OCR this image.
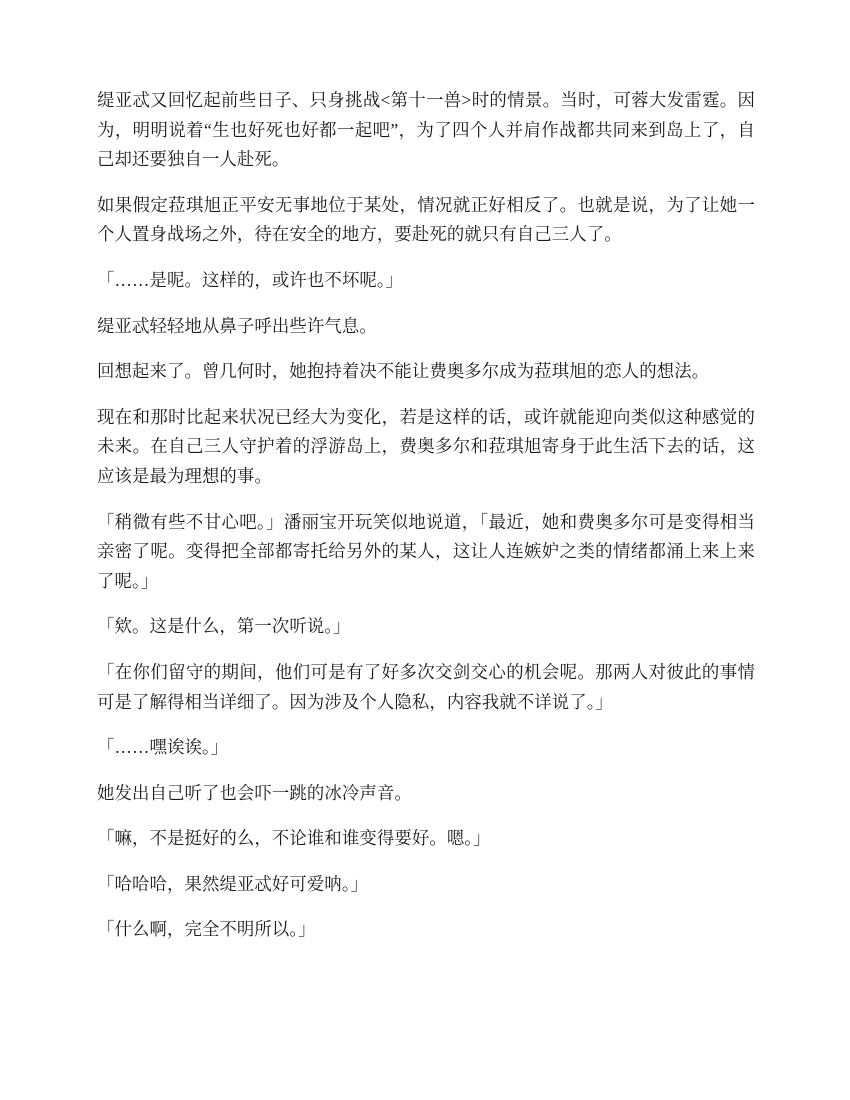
缇亚忒又回忆起前些日子、只身挑战<第十一兽>时的情景。当时，可蓉大发雷霆。因为，明明说着“生也好死也好都一起吧”，为了四个人并肩作战都共同来到岛上了，自己却还要独自一人赴死。

如果假定菈琪旭正平安无事地位于某处，情况就正好相反了。也就是说，为了让她一个人置身战场之外，待在安全的地方，要赴死的就只有自己三人了。

「……是呢。这样的，或许也不坏呢。」

缇亚忒轻轻地从鼻子呼出些许气息。

回想起来了。曾几何时，她抱持着决不能让费奥多尔成为菈琪旭的恋人的想法。

现在和那时比起来状况已经大为变化，若是这样的话，或许就能迎向类似这种感觉的未来。在自己三人守护着的浮游岛上，费奥多尔和菈琪旭寄身于此生活下去的话，这应该是最为理想的事。

「稍微有些不甘心吧。」潘丽宝开玩笑似地说道，「最近，她和费奥多尔可是变得相当亲密了呢。变得把全部都寄托给另外的某人，这让人连嫉妒之类的情绪都涌上来上来了呢。」

「欸。这是什么，第一次听说。」

「在你们留守的期间，他们可是有了好多次交剑交心的机会呢。那两人对彼此的事情可是了解得相当详细了。因为涉及个人隐私，内容我就不详说了。」

「……嘿诶诶。」

她发出自己听了也会吓一跳的冰冷声音。

「嘛，不是挺好的么，不论谁和谁变得要好。嗯。」

「哈哈哈，果然缇亚忒好可爱呐。」

「什么啊，完全不明所以。」
